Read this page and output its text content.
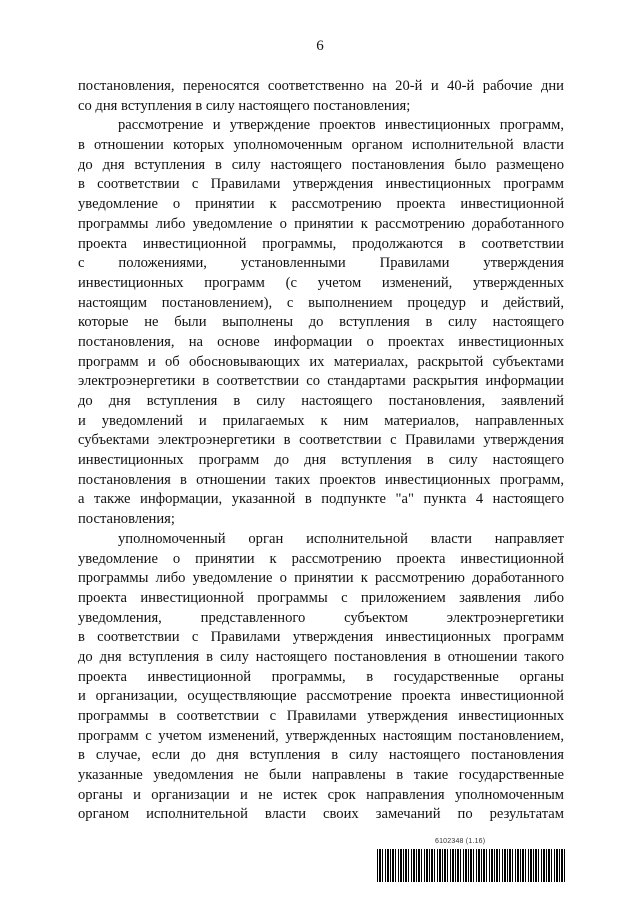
6
постановления, переносятся соответственно на 20-й и 40-й рабочие дни
со дня вступления в силу настоящего постановления;
рассмотрение и утверждение проектов инвестиционных программ,
в отношении которых уполномоченным органом исполнительной власти
до дня вступления в силу настоящего постановления было размещено
в соответствии с Правилами утверждения инвестиционных программ
уведомление о принятии к рассмотрению проекта инвестиционной
программы либо уведомление о принятии к рассмотрению доработанного
проекта инвестиционной программы, продолжаются в соответствии
с положениями, установленными Правилами утверждения
инвестиционных программ (с учетом изменений, утвержденных
настоящим постановлением), с выполнением процедур и действий,
которые не были выполнены до вступления в силу настоящего
постановления, на основе информации о проектах инвестиционных
программ и об обосновывающих их материалах, раскрытой субъектами
электроэнергетики в соответствии со стандартами раскрытия информации
до дня вступления в силу настоящего постановления, заявлений
и уведомлений и прилагаемых к ним материалов, направленных
субъектами электроэнергетики в соответствии с Правилами утверждения
инвестиционных программ до дня вступления в силу настоящего
постановления в отношении таких проектов инвестиционных программ,
а также информации, указанной в подпункте "а" пункта 4 настоящего
постановления;
уполномоченный орган исполнительной власти направляет
уведомление о принятии к рассмотрению проекта инвестиционной
программы либо уведомление о принятии к рассмотрению доработанного
проекта инвестиционной программы с приложением заявления либо
уведомления, представленного субъектом электроэнергетики
в соответствии с Правилами утверждения инвестиционных программ
до дня вступления в силу настоящего постановления в отношении такого
проекта инвестиционной программы, в государственные органы
и организации, осуществляющие рассмотрение проекта инвестиционной
программы в соответствии с Правилами утверждения инвестиционных
программ с учетом изменений, утвержденных настоящим постановлением,
в случае, если до дня вступления в силу настоящего постановления
указанные уведомления не были направлены в такие государственные
органы и организации и не истек срок направления уполномоченным
органом исполнительной власти своих замечаний по результатам
6102348 (1.16)
